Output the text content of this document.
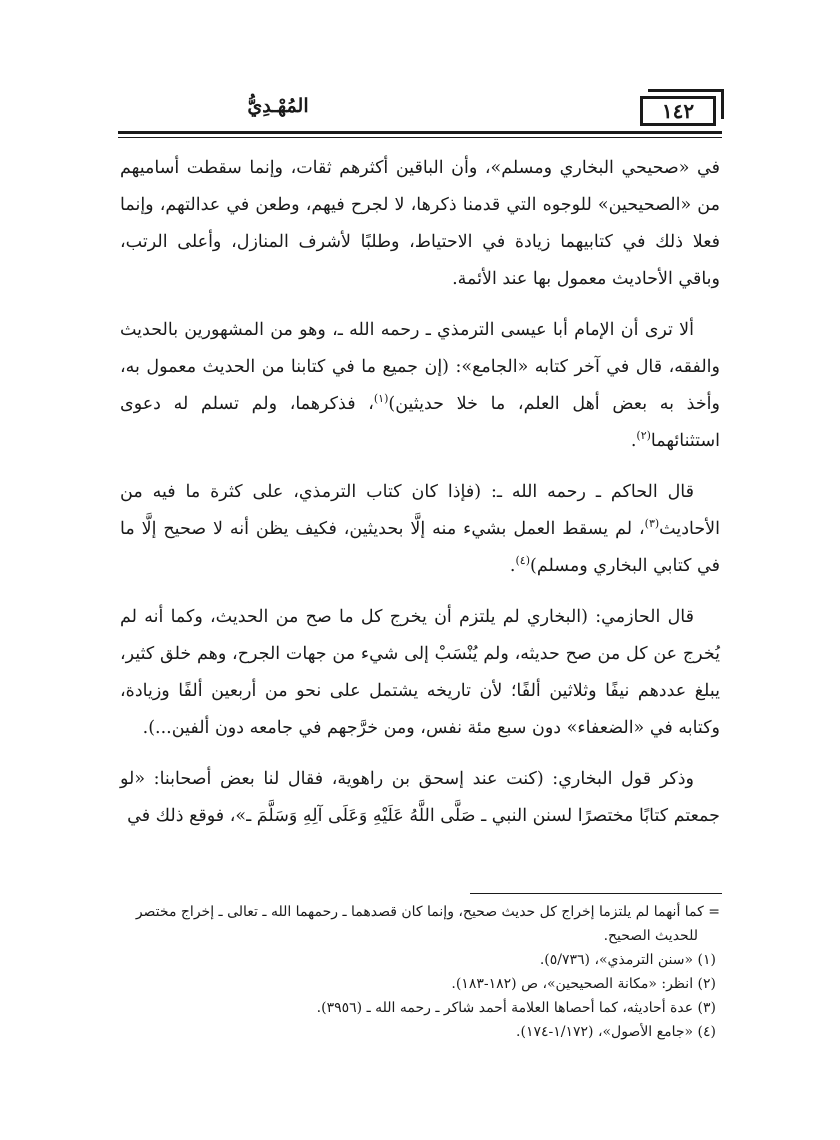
١٤٢
المُهْـدِيُّ

في «صحيحي البخاري ومسلم»، وأن الباقين أكثرهم ثقات، وإنما سقطت أساميهم من «الصحيحين» للوجوه التي قدمنا ذكرها، لا لجرح فيهم، وطعن في عدالتهم، وإنما فعلا ذلك في كتابيهما زيادة في الاحتياط، وطلبًا لأشرف المنازل، وأعلى الرتب، وباقي الأحاديث معمول بها عند الأئمة.

ألا ترى أن الإمام أبا عيسى الترمذي ـ رحمه الله ـ، وهو من المشهورين بالحديث والفقه، قال في آخر كتابه «الجامع»: (إن جميع ما في كتابنا من الحديث معمول به، وأخذ به بعض أهل العلم، ما خلا حديثين)$^{(١)}$، فذكرهما، ولم تسلم له دعوى استثنائهما$^{(٢)}$.

قال الحاكم ـ رحمه الله ـ: (فإذا كان كتاب الترمذي، على كثرة ما فيه من الأحاديث$^{(٣)}$، لم يسقط العمل بشيء منه إلَّا بحديثين، فكيف يظن أنه لا صحيح إلَّا ما في كتابي البخاري ومسلم)$^{(٤)}$.

قال الحازمي: (البخاري لم يلتزم أن يخرج كل ما صح من الحديث، وكما أنه لم يُخرج عن كل من صح حديثه، ولم يُنْسَبْ إلى شيء من جهات الجرح، وهم خلق كثير، يبلغ عددهم نيفًا وثلاثين ألفًا؛ لأن تاريخه يشتمل على نحو من أربعين ألفًا وزيادة، وكتابه في «الضعفاء» دون سبع مئة نفس، ومن خرَّجهم في جامعه دون ألفين...).

وذكر قول البخاري: (كنت عند إسحق بن راهوية، فقال لنا بعض أصحابنا: «لو جمعتم كتابًا مختصرًا لسنن النبي ـ صَلَّى اللَّهُ عَلَيْهِ وَعَلَى آلِهِ وَسَلَّمَ ـ»، فوقع ذلك في

= كما أنهما لم يلتزما إخراج كل حديث صحيح، وإنما كان قصدهما ـ رحمهما الله ـ تعالى ـ إخراج مختصر للحديث الصحيح.
(١) «سنن الترمذي»، (٥/٧٣٦).
(٢) انظر: «مكانة الصحيحين»، ص (١٨٢-١٨٣).
(٣) عدة أحاديثه، كما أحصاها العلامة أحمد شاكر ـ رحمه الله ـ (٣٩٥٦).
(٤) «جامع الأصول»، (١/١٧٢-١٧٤).
